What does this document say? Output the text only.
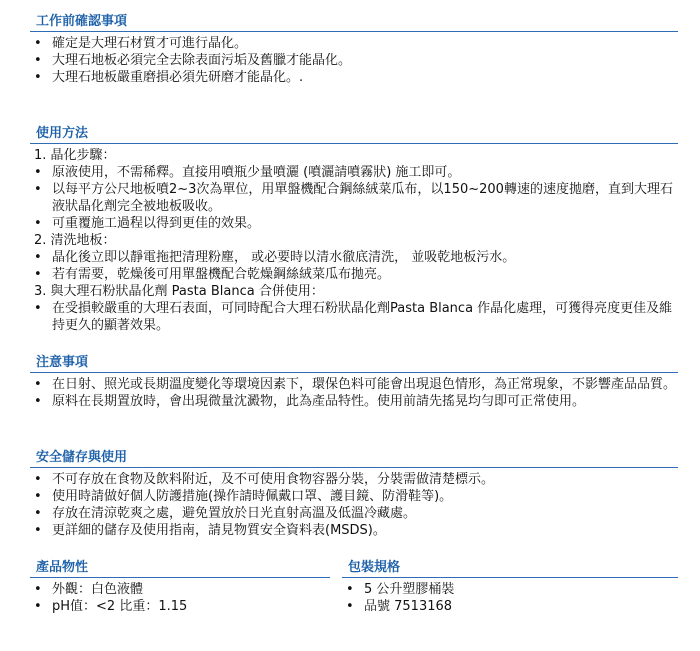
工作前確認事項
• 確定是大理石材質才可進行晶化。
• 大理石地板必須完全去除表面污垢及舊臘才能晶化。
• 大理石地板嚴重磨損必須先研磨才能晶化。.
使用方法
1. 晶化步驟：
• 原液使用，不需稀釋。直接用噴瓶少量噴灑 (噴灑請噴霧狀) 施工即可。
• 以每平方公尺地板噴2~3次為單位，用單盤機配合鋼絲絨菜瓜布，以150~200轉速的速度拋磨，直到大理石液狀晶化劑完全被地板吸收。
• 可重覆施工過程以得到更佳的效果。
2. 清洗地板：
• 晶化後立即以靜電拖把清理粉塵， 或必要時以清水徹底清洗， 並吸乾地板污水。
• 若有需要，乾燥後可用單盤機配合乾燥鋼絲絨菜瓜布拋亮。
3. 與大理石粉狀晶化劑 Pasta Blanca 合併使用：
• 在受損較嚴重的大理石表面，可同時配合大理石粉狀晶化劑Pasta Blanca 作晶化處理，可獲得亮度更佳及維持更久的顯著效果。
注意事項
• 在日射、照光或長期溫度變化等環境因素下，環保色料可能會出現退色情形，為正常現象，不影響產品品質。
• 原料在長期置放時，會出現微量沈澱物，此為產品特性。使用前請先搖晃均勻即可正常使用。
安全儲存與使用
• 不可存放在食物及飲料附近，及不可使用食物容器分裝，分裝需做清楚標示。
• 使用時請做好個人防護措施(操作請時佩戴口罩、護目鏡、防滑鞋等)。
• 存放在清涼乾爽之處，避免置放於日光直射高溫及低溫冷藏處。
• 更詳細的儲存及使用指南，請見物質安全資料表(MSDS)。
產品物性
• 外觀：白色液體
• pH值：<2 比重：1.15
包裝規格
• 5 公升塑膠桶裝
• 品號 7513168
